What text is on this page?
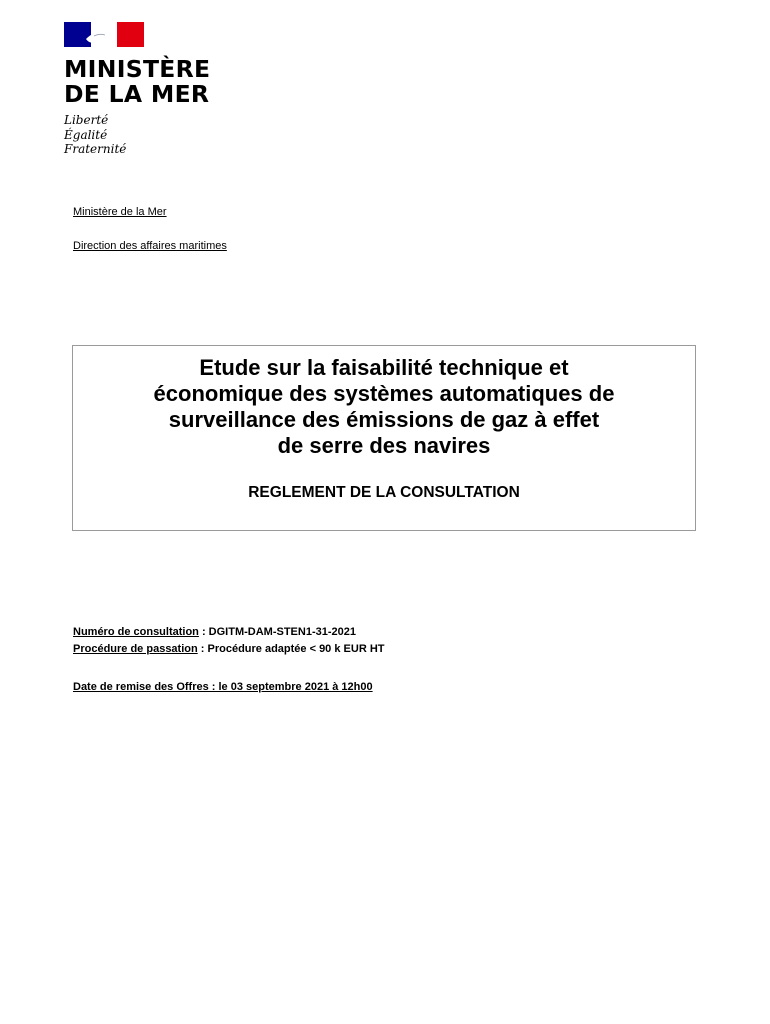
MINISTÈRE
DE LA MER
Liberté
Égalité
Fraternité
Ministère de la Mer
Direction des affaires maritimes
Etude sur la faisabilité technique et
économique des systèmes automatiques de
surveillance des émissions de gaz à effet
de serre des navires
REGLEMENT DE LA CONSULTATION
Numéro de consultation : DGITM-DAM-STEN1-31-2021
Procédure de passation : Procédure adaptée < 90 k EUR HT
Date de remise des Offres : le 03 septembre 2021 à 12h00
